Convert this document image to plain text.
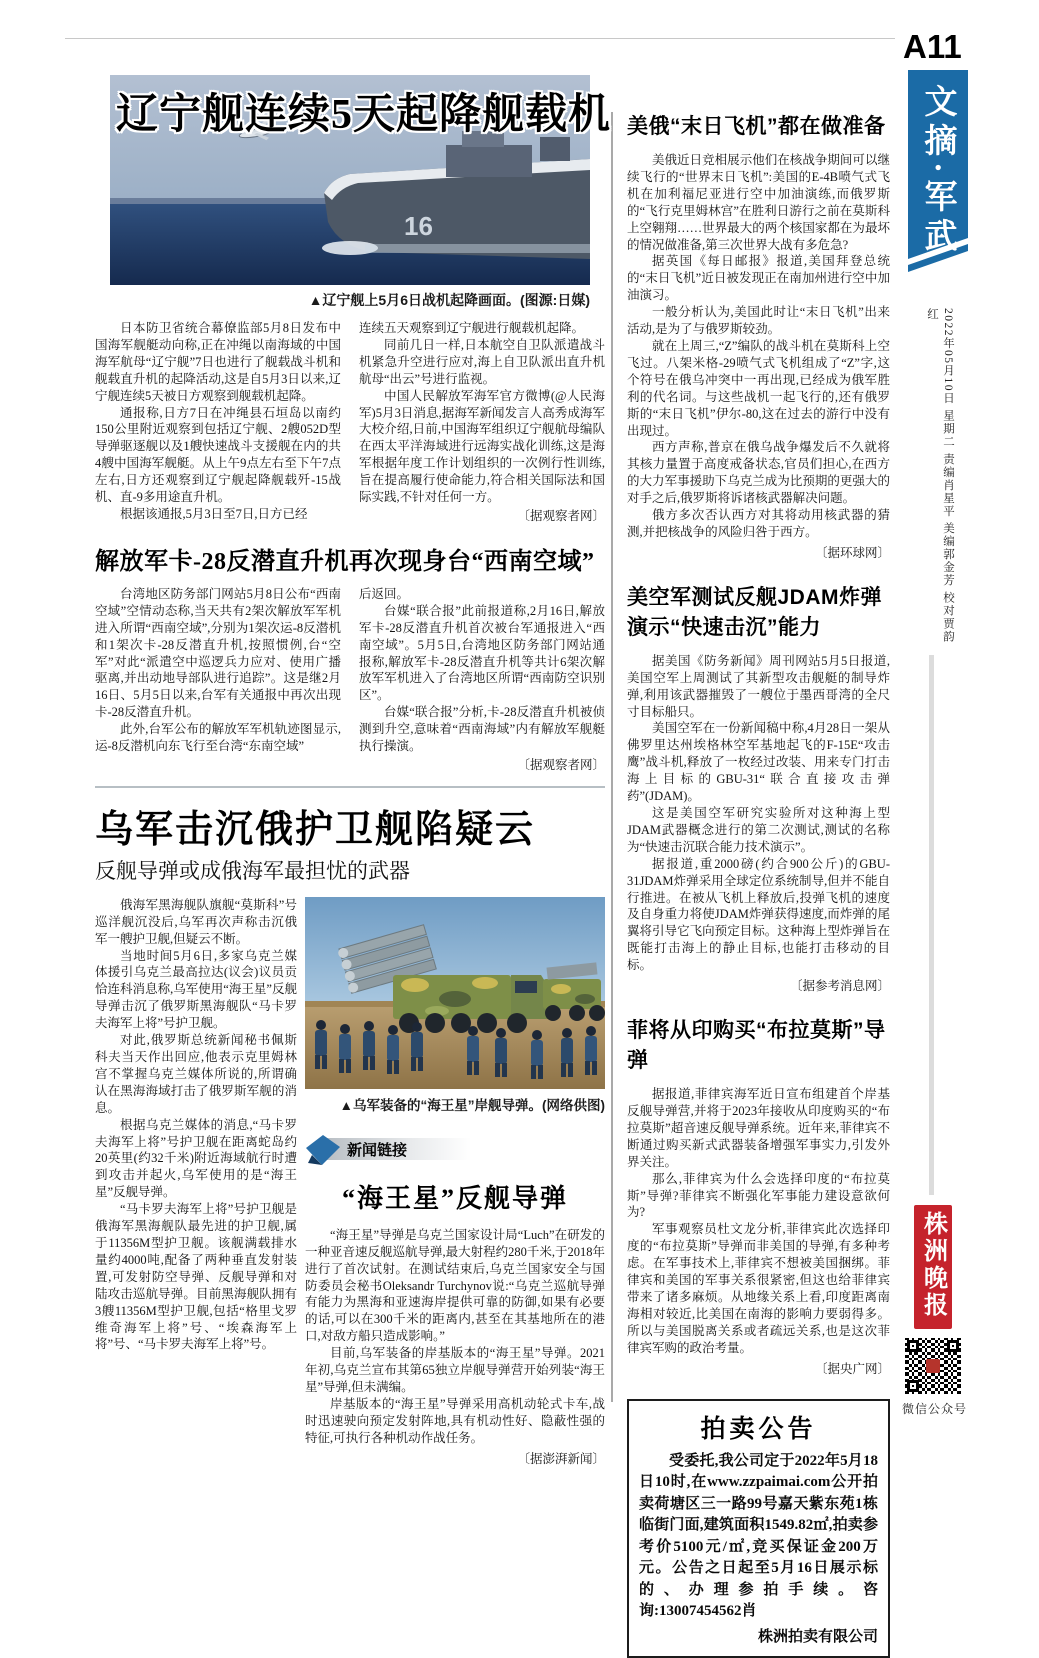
16
辽宁舰连续5天起降舰载机
▲辽宁舰上5月6日战机起降画面。(图源:日媒)

日本防卫省统合幕僚监部5月8日发布中国海军舰艇动向称,正在冲绳以南海域的中国海军航母“辽宁舰”7日也进行了舰载战斗机和舰载直升机的起降活动,这是自5月3日以来,辽宁舰连续5天被日方观察到舰载机起降。

通报称,日方7日在冲绳县石垣岛以南约150公里附近观察到包括辽宁舰、2艘052D型导弹驱逐舰以及1艘快速战斗支援舰在内的共4艘中国海军舰艇。从上午9点左右至下午7点左右,日方还观察到辽宁舰起降舰载歼-15战机、直-9多用途直升机。

根据该通报,5月3日至7日,日方已经

连续五天观察到辽宁舰进行舰载机起降。

同前几日一样,日本航空自卫队派遣战斗机紧急升空进行应对,海上自卫队派出直升机航母“出云”号进行监视。

中国人民解放军海军官方微博(@人民海军)5月3日消息,据海军新闻发言人高秀成海军大校介绍,日前,中国海军组织辽宁舰航母编队在西太平洋海域进行远海实战化训练,这是海军根据年度工作计划组织的一次例行性训练,旨在提高履行使命能力,符合相关国际法和国际实践,不针对任何一方。

〔据观察者网〕
解放军卡-28反潜直升机再次现身台“西南空域”

台湾地区防务部门网站5月8日公布“西南空域”空情动态称,当天共有2架次解放军军机进入所谓“西南空域”,分别为1架次运-8反潜机和1架次卡-28反潜直升机,按照惯例,台“空军”对此“派遣空中巡逻兵力应对、使用广播驱离,并出动地导部队进行追踪”。这是继2月16日、5月5日以来,台军有关通报中再次出现卡-28反潜直升机。

此外,台军公布的解放军军机轨迹图显示,运-8反潜机向东飞行至台湾“东南空域”

后返回。

台媒“联合报”此前报道称,2月16日,解放军卡-28反潜直升机首次被台军通报进入“西南空域”。5月5日,台湾地区防务部门网站通报称,解放军卡-28反潜直升机等共计6架次解放军军机进入了台湾地区所谓“西南防空识别区”。

台媒“联合报”分析,卡-28反潜直升机被侦测到升空,意味着“西南海域”内有解放军舰艇执行操演。

〔据观察者网〕
乌军击沉俄护卫舰陷疑云
反舰导弹或成俄海军最担忧的武器

俄海军黑海舰队旗舰“莫斯科”号巡洋舰沉没后,乌军再次声称击沉俄军一艘护卫舰,但疑云不断。

当地时间5月6日,多家乌克兰媒体援引乌克兰最高拉达(议会)议员贡恰连科消息称,乌军使用“海王星”反舰导弹击沉了俄罗斯黑海舰队“马卡罗夫海军上将”号护卫舰。

对此,俄罗斯总统新闻秘书佩斯科夫当天作出回应,他表示克里姆林宫不掌握乌克兰媒体所说的,所谓确认在黑海海域打击了俄罗斯军舰的消息。

根据乌克兰媒体的消息,“马卡罗夫海军上将”号护卫舰在距离蛇岛约20英里(约32千米)附近海域航行时遭到攻击并起火,乌军使用的是“海王星”反舰导弹。

“马卡罗夫海军上将”号护卫舰是俄海军黑海舰队最先进的护卫舰,属于11356M型护卫舰。该舰满载排水量约4000吨,配备了两种垂直发射装置,可发射防空导弹、反舰导弹和对陆攻击巡航导弹。目前黑海舰队拥有3艘11356M型护卫舰,包括“格里戈罗维奇海军上将”号、“埃森海军上将”号、“马卡罗夫海军上将”号。

▲乌军装备的“海王星”岸舰导弹。(网络供图)
新闻链接
“海王星”反舰导弹

“海王星”导弹是乌克兰国家设计局“Luch”在研发的一种亚音速反舰巡航导弹,最大射程约280千米,于2018年进行了首次试射。在测试结束后,乌克兰国家安全与国防委员会秘书Oleksandr Turchynov说:“乌克兰巡航导弹有能力为黑海和亚速海岸提供可靠的防御,如果有必要的话,可以在300千米的距离内,甚至在其基地所在的港口,对敌方船只造成影响。”

目前,乌军装备的岸基版本的“海王星”导弹。2021年初,乌克兰宣布其第65独立岸舰导弹营开始列装“海王星”导弹,但未满编。

岸基版本的“海王星”导弹采用高机动轮式卡车,战时迅速驶向预定发射阵地,具有机动性好、隐蔽性强的特征,可执行各种机动作战任务。

〔据澎湃新闻〕
美俄“末日飞机”都在做准备

美俄近日竞相展示他们在核战争期间可以继续飞行的“世界末日飞机”:美国的E-4B喷气式飞机在加利福尼亚进行空中加油演练,而俄罗斯的“飞行克里姆林宫”在胜利日游行之前在莫斯科上空翱翔……世界最大的两个核国家都在为最坏的情况做准备,第三次世界大战有多危急?

据英国《每日邮报》报道,美国拜登总统的“末日飞机”近日被发现正在南加州进行空中加油演习。

一般分析认为,美国此时让“末日飞机”出来活动,是为了与俄罗斯较劲。

就在上周三,“Z”编队的战斗机在莫斯科上空飞过。八架米格-29喷气式飞机组成了“Z”字,这个符号在俄乌冲突中一再出现,已经成为俄军胜利的代名词。与这些战机一起飞行的,还有俄罗斯的“末日飞机”伊尔-80,这在过去的游行中没有出现过。

西方声称,普京在俄乌战争爆发后不久就将其核力量置于高度戒备状态,官员们担心,在西方的大力军事援助下乌克兰成为比预期的更强大的对手之后,俄罗斯将诉诸核武器解决问题。

俄方多次否认西方对其将动用核武器的猜测,并把核战争的风险归咎于西方。

〔据环球网〕
美空军测试反舰JDAM炸弹
演示“快速击沉”能力

据美国《防务新闻》周刊网站5月5日报道,美国空军上周测试了其新型攻击舰艇的制导炸弹,利用该武器摧毁了一艘位于墨西哥湾的全尺寸目标船只。

美国空军在一份新闻稿中称,4月28日一架从佛罗里达州埃格林空军基地起飞的F-15E“攻击鹰”战斗机,释放了一枚经过改装、用来专门打击海上目标的GBU-31“联合直接攻击弹药”(JDAM)。

这是美国空军研究实验所对这种海上型JDAM武器概念进行的第二次测试,测试的名称为“快速击沉联合能力技术演示”。

据报道,重2000磅(约合900公斤)的GBU-31JDAM炸弹采用全球定位系统制导,但并不能自行推进。在被从飞机上释放后,投弹飞机的速度及自身重力将使JDAM炸弹获得速度,而炸弹的尾翼将引导它飞向预定目标。这种海上型炸弹旨在既能打击海上的静止目标,也能打击移动的目标。

〔据参考消息网〕
菲将从印购买“布拉莫斯”导弹

据报道,菲律宾海军近日宣布组建首个岸基反舰导弹营,并将于2023年接收从印度购买的“布拉莫斯”超音速反舰导弹系统。近年来,菲律宾不断通过购买新式武器装备增强军事实力,引发外界关注。

那么,菲律宾为什么会选择印度的“布拉莫斯”导弹?菲律宾不断强化军事能力建设意欲何为?

军事观察员杜文龙分析,菲律宾此次选择印度的“布拉莫斯”导弹而非美国的导弹,有多种考虑。在军事技术上,菲律宾不想被美国捆绑。菲律宾和美国的军事关系很紧密,但这也给菲律宾带来了诸多麻烦。从地缘关系上看,印度距离南海相对较近,比美国在南海的影响力要弱得多。所以与美国脱离关系或者疏远关系,也是这次菲律宾军购的政治考量。

〔据央广网〕
拍卖公告
受委托,我公司定于2022年5月18日10时,在www.zzpaimai.com公开拍卖荷塘区三一路99号嘉天紫东苑1栋临街门面,建筑面积1549.82㎡,拍卖参考价5100元/㎡,竞买保证金200万元。公告之日起至5月16日展示标的、办理参拍手续。咨询:13007454562肖
株洲拍卖有限公司
A11
文摘·军武
2022年05月10日 星期二 责编肖星平 美编郭金芳 校对贾韵红
株洲晚报
微信公众号
